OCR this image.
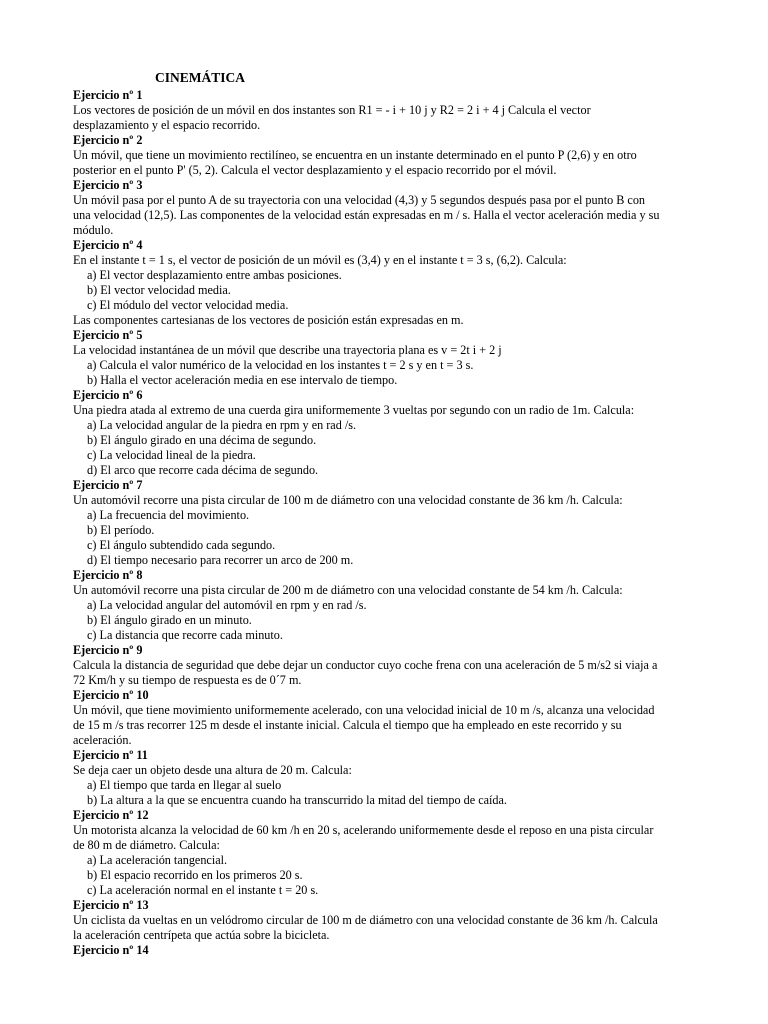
CINEMÁTICA
Ejercicio nº 1
Los vectores de posición de un móvil en dos instantes son R1 = - i + 10 j y R2 = 2 i + 4 j Calcula el vector
desplazamiento y el espacio recorrido.
Ejercicio nº 2
Un móvil, que tiene un movimiento rectilíneo, se encuentra en un instante determinado en el punto P (2,6) y en otro
posterior en el punto P' (5, 2). Calcula el vector desplazamiento y el espacio recorrido por el móvil.
Ejercicio nº 3
Un móvil pasa por el punto A de su trayectoria con una velocidad (4,3) y 5 segundos después pasa por el punto B con
una velocidad (12,5). Las componentes de la velocidad están expresadas en m / s. Halla el vector aceleración media y su
módulo.
Ejercicio nº 4
En el instante t = 1 s, el vector de posición de un móvil es (3,4) y en el instante t = 3 s, (6,2). Calcula:
a) El vector desplazamiento entre ambas posiciones.
b) El vector velocidad media.
c) El módulo del vector velocidad media.
Las componentes cartesianas de los vectores de posición están expresadas en m.
Ejercicio nº 5
La velocidad instantánea de un móvil que describe una trayectoria plana es v = 2t i + 2 j
a) Calcula el valor numérico de la velocidad en los instantes t = 2 s y en t = 3 s.
b) Halla el vector aceleración media en ese intervalo de tiempo.
Ejercicio nº 6
Una piedra atada al extremo de una cuerda gira uniformemente 3 vueltas por segundo con un radio de 1m. Calcula:
a) La velocidad angular de la piedra en rpm y en rad /s.
b) El ángulo girado en una décima de segundo.
c) La velocidad lineal de la piedra.
d) El arco que recorre cada décima de segundo.
Ejercicio nº 7
Un automóvil recorre una pista circular de 100 m de diámetro con una velocidad constante de 36 km /h. Calcula:
a) La frecuencia del movimiento.
b) El período.
c) El ángulo subtendido cada segundo.
d) El tiempo necesario para recorrer un arco de 200 m.
Ejercicio nº 8
Un automóvil recorre una pista circular de 200 m de diámetro con una velocidad constante de 54 km /h. Calcula:
a) La velocidad angular del automóvil en rpm y en rad /s.
b) El ángulo girado en un minuto.
c) La distancia que recorre cada minuto.
Ejercicio nº 9
Calcula la distancia de seguridad que debe dejar un conductor cuyo coche frena con una aceleración de 5 m/s2 si viaja a
72 Km/h y su tiempo de respuesta es de 0´7 m.
Ejercicio nº 10
Un móvil, que tiene movimiento uniformemente acelerado, con una velocidad inicial de 10 m /s, alcanza una velocidad
de 15 m /s tras recorrer 125 m desde el instante inicial. Calcula el tiempo que ha empleado en este recorrido y su
aceleración.
Ejercicio nº 11
Se deja caer un objeto desde una altura de 20 m. Calcula:
a) El tiempo que tarda en llegar al suelo
b) La altura a la que se encuentra cuando ha transcurrido la mitad del tiempo de caída.
Ejercicio nº 12
Un motorista alcanza la velocidad de 60 km /h en 20 s, acelerando uniformemente desde el reposo en una pista circular
de 80 m de diámetro. Calcula:
a) La aceleración tangencial.
b) El espacio recorrido en los primeros 20 s.
c) La aceleración normal en el instante t = 20 s.
Ejercicio nº 13
Un ciclista da vueltas en un velódromo circular de 100 m de diámetro con una velocidad constante de 36 km /h. Calcula
la aceleración centrípeta que actúa sobre la bicicleta.
Ejercicio nº 14
